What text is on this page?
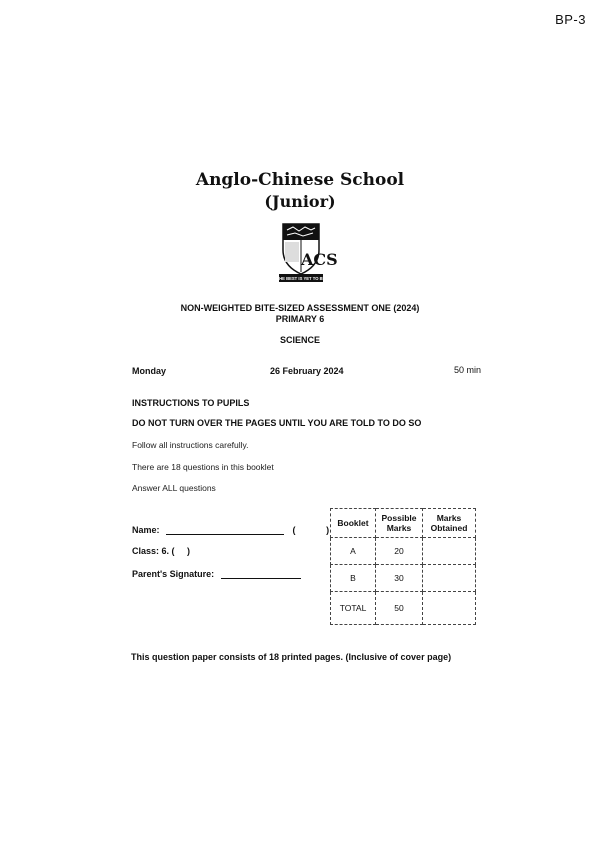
BP-3
Anglo-Chinese School
(Junior)
ACS
THE BEST IS YET TO BE
NON-WEIGHTED BITE-SIZED ASSESSMENT ONE (2024)
PRIMARY 6
SCIENCE
Monday	26 February 2024	50 min
INSTRUCTIONS TO PUPILS
DO NOT TURN OVER THE PAGES UNTIL YOU ARE TOLD TO DO SO
Follow all instructions carefully.
There are 18 questions in this booklet
Answer ALL questions
Name:	(	)
Class: 6. ( )
Parent's Signature:
Booklet	Possible Marks	Marks Obtained
A	20	
B	30	
TOTAL	50	
This question paper consists of 18 printed pages. (Inclusive of cover page)
